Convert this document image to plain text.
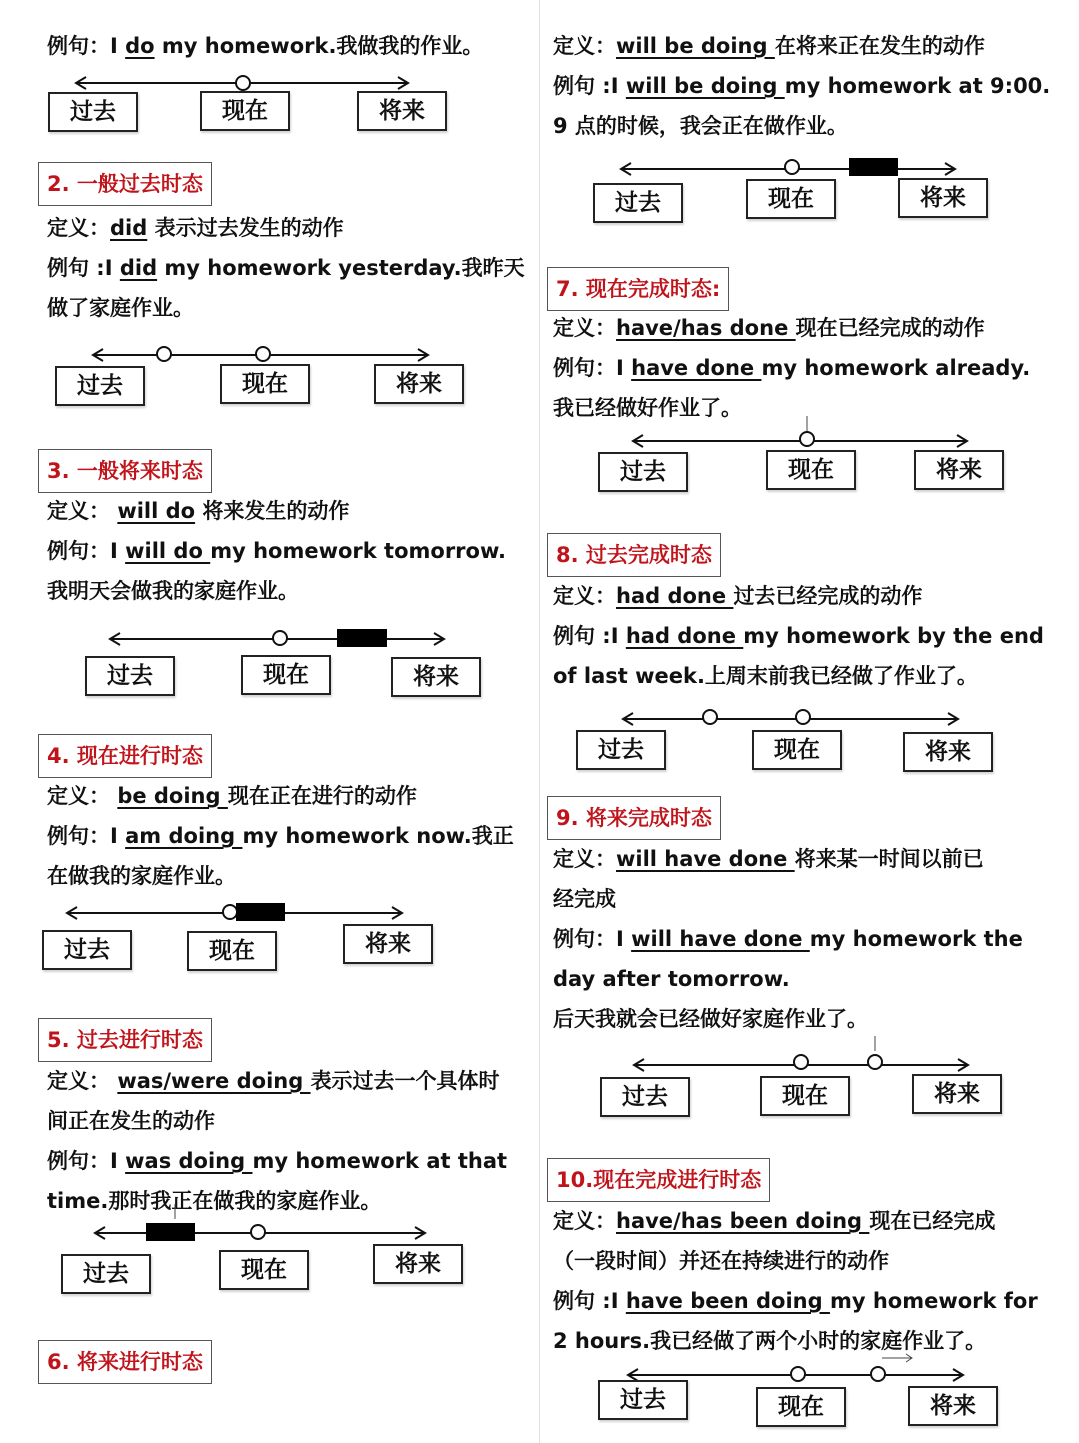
例句：I do my homework.我做我的作业。
过去	现在	将来
2. 一般过去时态
定义：did 表示过去发生的动作
例句 :I did my homework yesterday.我昨天
做了家庭作业。
过去	现在	将来
3. 一般将来时态
定义： will do 将来发生的动作
例句：I will do my homework tomorrow.
我明天会做我的家庭作业。
过去	现在	将来
4. 现在进行时态
定义： be doing 现在正在进行的动作
例句：I am doing my homework now.我正
在做我的家庭作业。
过去	现在	将来
5. 过去进行时态
定义： was/were doing 表示过去一个具体时
间正在发生的动作
例句：I was doing my homework at that
time.那时我正在做我的家庭作业。
过去	现在	将来
6. 将来进行时态
定义：will be doing 在将来正在发生的动作
例句 :I will be doing my homework at 9:00.
9 点的时候，我会正在做作业。
过去	现在	将来
7. 现在完成时态:
定义：have/has done 现在已经完成的动作
例句：I have done my homework already.
我已经做好作业了。
过去	现在	将来
8. 过去完成时态
定义：had done 过去已经完成的动作
例句 :I had done my homework by the end
of last week.上周末前我已经做了作业了。
过去	现在	将来
9. 将来完成时态
定义：will have done 将来某一时间以前已
经完成
例句：I will have done my homework the
day after tomorrow.
后天我就会已经做好家庭作业了。
过去	现在	将来
10.现在完成进行时态
定义：have/has been doing 现在已经完成
（一段时间）并还在持续进行的动作
例句 :I have been doing my homework for
2 hours.我已经做了两个小时的家庭作业了。
过去	现在	将来
